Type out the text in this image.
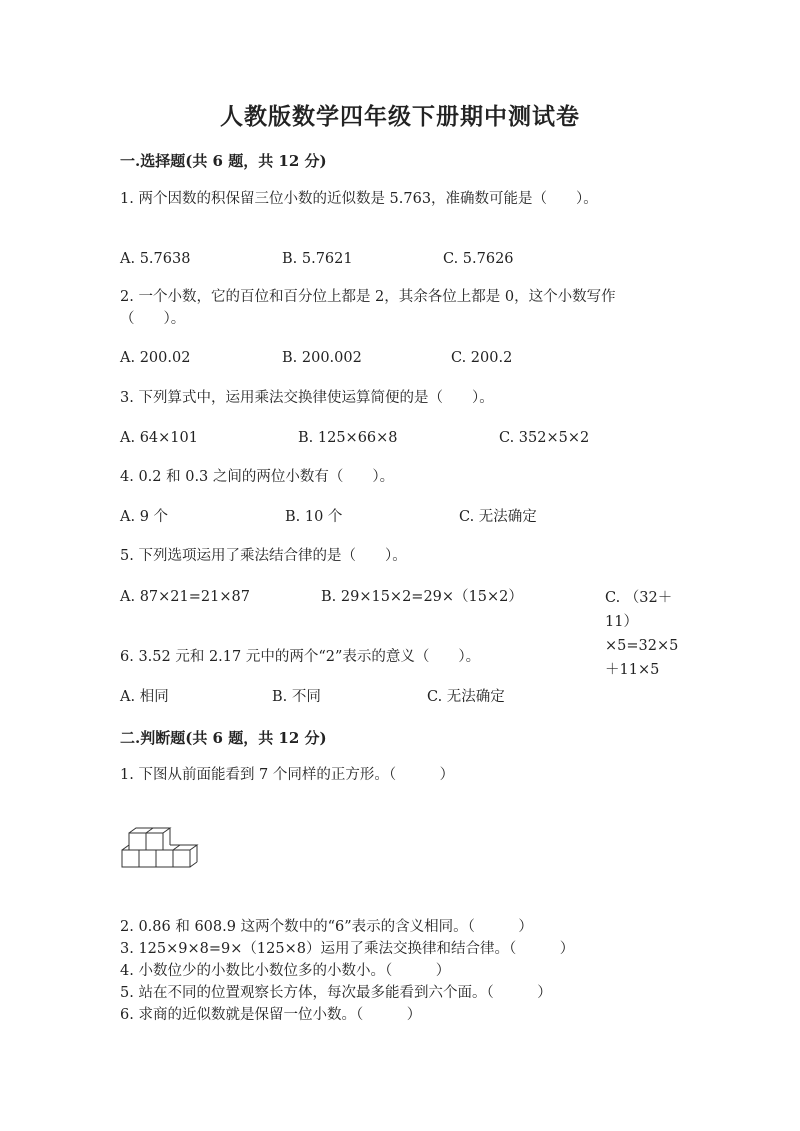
人教版数学四年级下册期中测试卷
一.选择题(共 6 题，共 12 分)
1. 两个因数的积保留三位小数的近似数是 5.763，准确数可能是（　　）。
A. 5.7638	B. 5.7621	C. 5.7626
2. 一个小数，它的百位和百分位上都是 2，其余各位上都是 0，这个小数写作（　　）。
A. 200.02	B. 200.002	C. 200.2
3. 下列算式中，运用乘法交换律使运算简便的是（　　）。
A. 64×101	B. 125×66×8	C. 352×5×2
4. 0.2 和 0.3 之间的两位小数有（　　）。
A. 9 个	B. 10 个	C. 无法确定
5. 下列选项运用了乘法结合律的是（　　）。
A. 87×21=21×87	B. 29×15×2=29×（15×2）	C. （32＋11）×5=32×5＋11×5
6. 3.52 元和 2.17 元中的两个“2”表示的意义（　　）。
A. 相同	B. 不同	C. 无法确定
二.判断题(共 6 题，共 12 分)
1. 下图从前面能看到 7 个同样的正方形。（　　　）
2. 0.86 和 608.9 这两个数中的“6”表示的含义相同。（　　　）
3. 125×9×8=9×（125×8）运用了乘法交换律和结合律。（　　　）
4. 小数位少的小数比小数位多的小数小。（　　　）
5. 站在不同的位置观察长方体，每次最多能看到六个面。（　　　）
6. 求商的近似数就是保留一位小数。（　　　）
